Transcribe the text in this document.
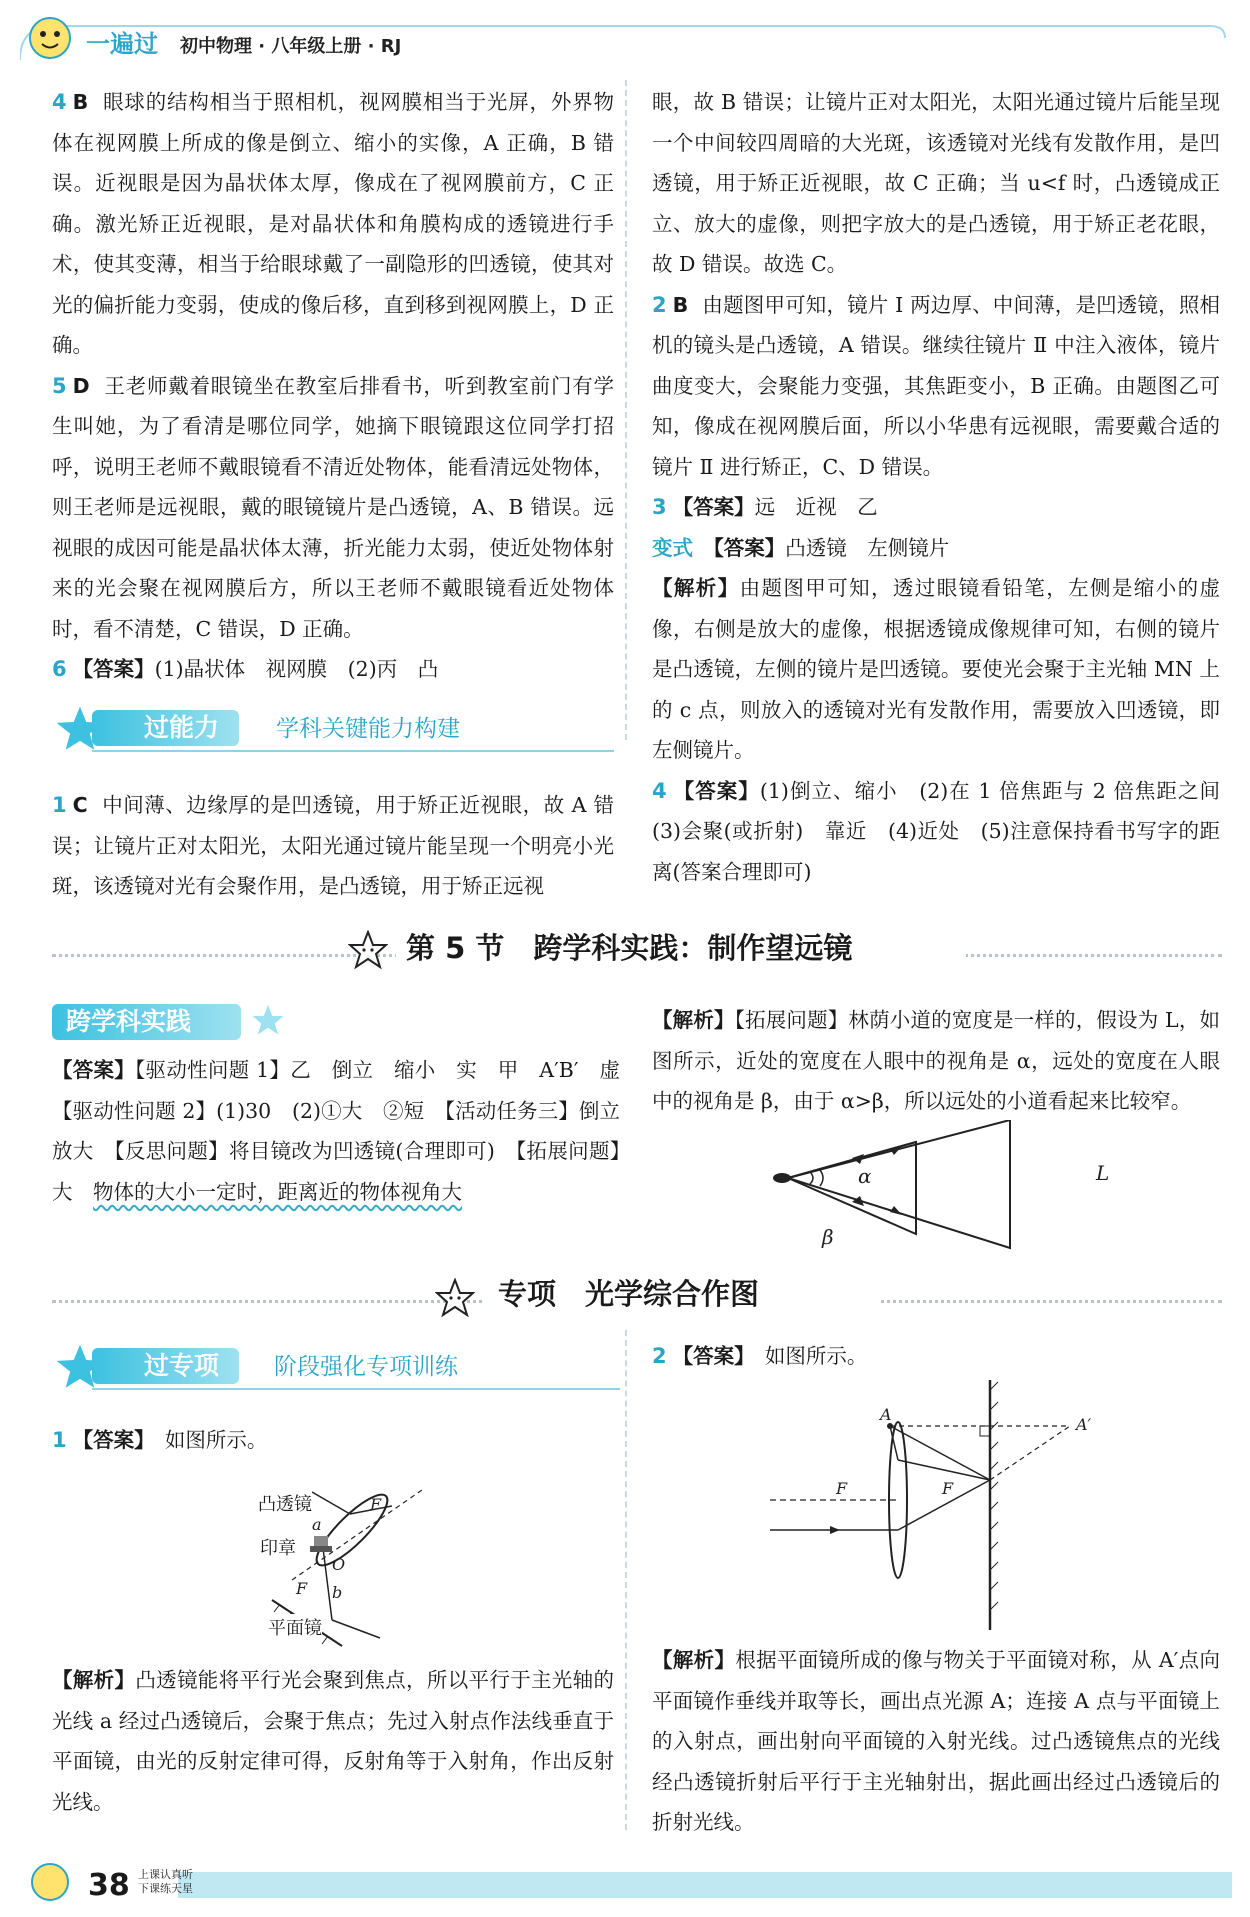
一遍过 初中物理 · 八年级上册 · RJ

4 B 眼球的结构相当于照相机，视网膜相当于光屏，外界物体在视网膜上所成的像是倒立、缩小的实像，A 正确，B 错误。近视眼是因为晶状体太厚，像成在了视网膜前方，C 正确。激光矫正近视眼，是对晶状体和角膜构成的透镜进行手术，使其变薄，相当于给眼球戴了一副隐形的凹透镜，使其对光的偏折能力变弱，使成的像后移，直到移到视网膜上，D 正确。

5 D 王老师戴着眼镜坐在教室后排看书，听到教室前门有学生叫她，为了看清是哪位同学，她摘下眼镜跟这位同学打招呼，说明王老师不戴眼镜看不清近处物体，能看清远处物体，则王老师是远视眼，戴的眼镜镜片是凸透镜，A、B 错误。远视眼的成因可能是晶状体太薄，折光能力太弱，使近处物体射来的光会聚在视网膜后方，所以王老师不戴眼镜看近处物体时，看不清楚，C 错误，D 正确。

6 【答案】(1)晶状体　视网膜　(2)丙　凸

过能力	学科关键能力构建

1 C 中间薄、边缘厚的是凹透镜，用于矫正近视眼，故 A 错误；让镜片正对太阳光，太阳光通过镜片能呈现一个明亮小光斑，该透镜对光有会聚作用，是凸透镜，用于矫正远视

眼，故 B 错误；让镜片正对太阳光，太阳光通过镜片后能呈现一个中间较四周暗的大光斑，该透镜对光线有发散作用，是凹透镜，用于矫正近视眼，故 C 正确；当 u<f 时，凸透镜成正立、放大的虚像，则把字放大的是凸透镜，用于矫正老花眼，故 D 错误。故选 C。

2 B 由题图甲可知，镜片 Ⅰ 两边厚、中间薄，是凹透镜，照相机的镜头是凸透镜，A 错误。继续往镜片 Ⅱ 中注入液体，镜片曲度变大，会聚能力变强，其焦距变小，B 正确。由题图乙可知，像成在视网膜后面，所以小华患有远视眼，需要戴合适的镜片 Ⅱ 进行矫正，C、D 错误。

3 【答案】远　近视　乙

变式　 【答案】凸透镜　左侧镜片

【解析】由题图甲可知，透过眼镜看铅笔，左侧是缩小的虚像，右侧是放大的虚像，根据透镜成像规律可知，右侧的镜片是凸透镜，左侧的镜片是凹透镜。要使光会聚于主光轴 MN 上的 c 点，则放入的透镜对光有发散作用，需要放入凹透镜，即左侧镜片。

4 【答案】(1)倒立、缩小　(2)在 1 倍焦距与 2 倍焦距之间　(3)会聚(或折射)　靠近　(4)近处　(5)注意保持看书写字的距离(答案合理即可)

第 5 节　跨学科实践：制作望远镜
跨学科实践

【答案】【驱动性问题 1】乙　倒立　缩小　实　甲　A′B′　虚　【驱动性问题 2】(1)30　(2)①大　②短　【活动任务三】倒立　放大　【反思问题】将目镜改为凹透镜(合理即可)　【拓展问题】大　物体的大小一定时，距离近的物体视角大

【解析】【拓展问题】林荫小道的宽度是一样的，假设为 L，如图所示，近处的宽度在人眼中的视角是 α，远处的宽度在人眼中的视角是 β，由于 α>β，所以远处的小道看起来比较窄。

α
β
L
专项　光学综合作图
过专项	阶段强化专项训练

1 【答案】　 如图所示。

F
a
O
F b
凸透镜
印章
平面镜

【解析】凸透镜能将平行光会聚到焦点，所以平行于主光轴的光线 a 经过凸透镜后，会聚于焦点；先过入射点作法线垂直于平面镜，由光的反射定律可得，反射角等于入射角，作出反射光线。

2 【答案】　 如图所示。

A
A′
F	F

【解析】根据平面镜所成的像与物关于平面镜对称，从 A′点向平面镜作垂线并取等长，画出点光源 A；连接 A 点与平面镜上的入射点，画出射向平面镜的入射光线。过凸透镜焦点的光线经凸透镜折射后平行于主光轴射出，据此画出经过凸透镜后的折射光线。

38 上课认真听
下课练天星
